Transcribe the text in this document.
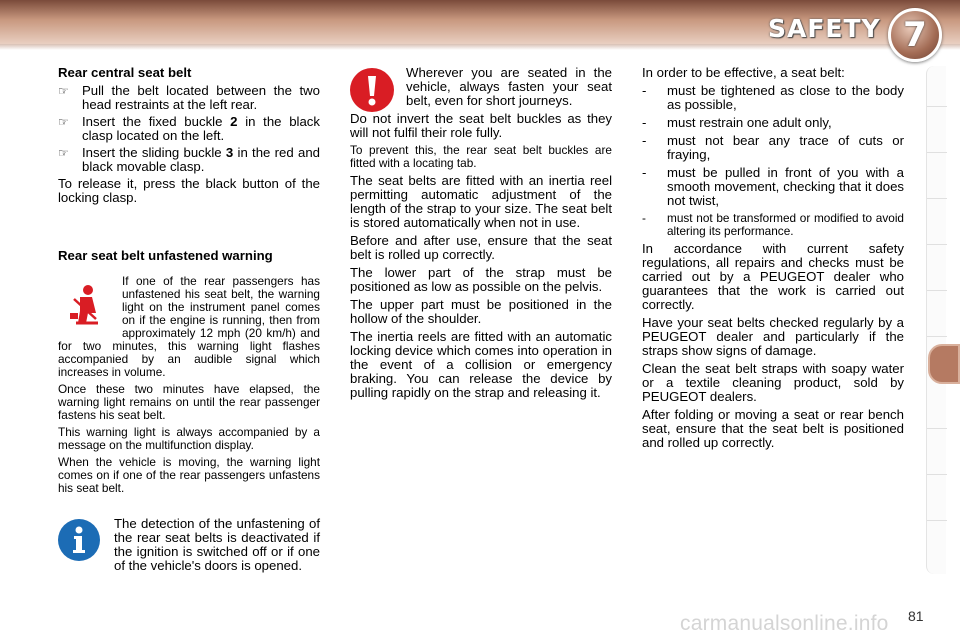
SAFETY 7
Rear central seat belt
☞	Pull the belt located between the two head restraints at the left rear.
☞	Insert the fixed buckle 2 in the black clasp located on the left.
☞	Insert the sliding buckle 3 in the red and black movable clasp.

To release it, press the black button of the locking clasp.

Rear seat belt unfastened warning
If one of the rear passengers has unfastened his seat belt, the warning light on the instrument panel comes on if the engine is running, then from approximately 12 mph (20 km/h) and for two minutes, this warning light flashes accompanied by an audible signal which increases in volume.

Once these two minutes have elapsed, the warning light remains on until the rear passenger fastens his seat belt.

This warning light is always accompanied by a message on the multifunction display.

When the vehicle is moving, the warning light comes on if one of the rear passengers unfastens his seat belt.

The detection of the unfastening of the rear seat belts is deactivated if the ignition is switched off or if one of the vehicle's doors is opened.
Wherever you are seated in the vehicle, always fasten your seat belt, even for short journeys.

Do not invert the seat belt buckles as they will not fulfil their role fully.

To prevent this, the rear seat belt buckles are fitted with a locating tab.

The seat belts are fitted with an inertia reel permitting automatic adjustment of the length of the strap to your size. The seat belt is stored automatically when not in use.

Before and after use, ensure that the seat belt is rolled up correctly.

The lower part of the strap must be positioned as low as possible on the pelvis.

The upper part must be positioned in the hollow of the shoulder.

The inertia reels are fitted with an automatic locking device which comes into operation in the event of a collision or emergency braking. You can release the device by pulling rapidly on the strap and releasing it.

In order to be effective, a seat belt:

-	must be tightened as close to the body as possible,
-	must restrain one adult only,
-	must not bear any trace of cuts or fraying,
-	must be pulled in front of you with a smooth movement, checking that it does not twist,
-	must not be transformed or modified to avoid altering its performance.

In accordance with current safety regulations, all repairs and checks must be carried out by a PEUGEOT dealer who guarantees that the work is carried out correctly.

Have your seat belts checked regularly by a PEUGEOT dealer and particularly if the straps show signs of damage.

Clean the seat belt straps with soapy water or a textile cleaning product, sold by PEUGEOT dealers.

After folding or moving a seat or rear bench seat, ensure that the seat belt is positioned and rolled up correctly.

carmanualsonline.info 81
